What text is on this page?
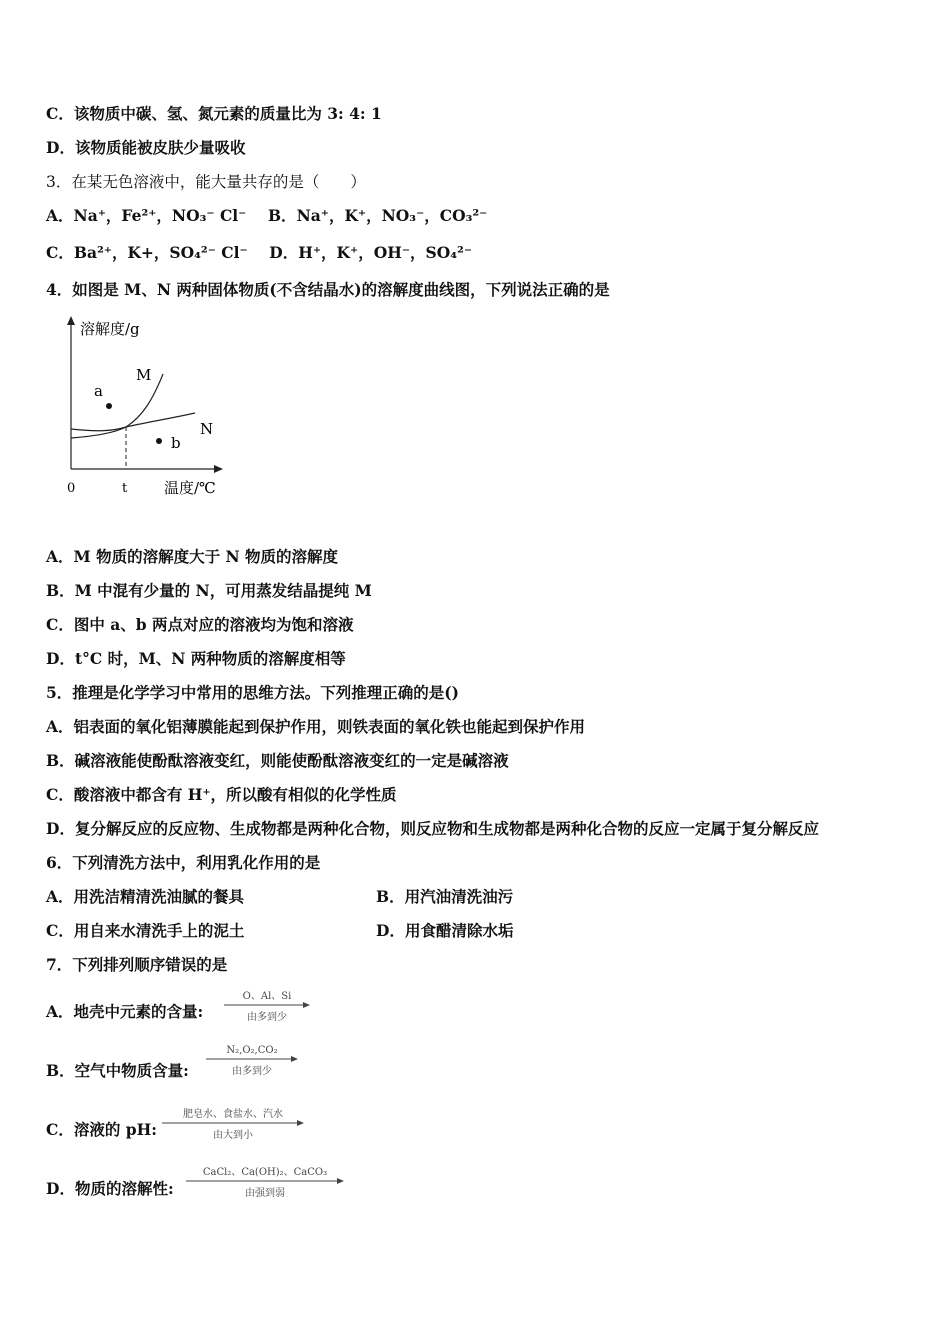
C．该物质中碳、氢、氮元素的质量比为 3: 4: 1
D．该物质能被皮肤少量吸收
3．在某无色溶液中，能大量共存的是（　　）
A．Na⁺，Fe²⁺，NO₃⁻ Cl⁻ B．Na⁺，K⁺，NO₃⁻，CO₃²⁻
C．Ba²⁺，K+，SO₄²⁻ Cl⁻ D．H⁺，K⁺，OH⁻，SO₄²⁻
4．如图是 M、N 两种固体物质(不含结晶水)的溶解度曲线图，下列说法正确的是
溶解度/g
温度/℃
0	t
M
N
a
b
A．M 物质的溶解度大于 N 物质的溶解度
B．M 中混有少量的 N，可用蒸发结晶提纯 M
C．图中 a、b 两点对应的溶液均为饱和溶液
D．t°C 时，M、N 两种物质的溶解度相等
5．推理是化学学习中常用的思维方法。下列推理正确的是()
A．铝表面的氧化铝薄膜能起到保护作用，则铁表面的氧化铁也能起到保护作用
B．碱溶液能使酚酞溶液变红，则能使酚酞溶液变红的一定是碱溶液
C．酸溶液中都含有 H⁺，所以酸有相似的化学性质
D．复分解反应的反应物、生成物都是两种化合物，则反应物和生成物都是两种化合物的反应一定属于复分解反应
6．下列清洗方法中，利用乳化作用的是
A．用洗洁精清洗油腻的餐具	B．用汽油清洗油污
C．用自来水清洗手上的泥土	D．用食醋清除水垢
7．下列排列顺序错误的是
A．地壳中元素的含量:
O、Al、Si
由多到少
B．空气中物质含量:
N₂,O₂,CO₂
由多到少
C．溶液的 pH:
肥皂水、食盐水、汽水
由大到小
D．物质的溶解性:
CaCl₂、Ca(OH)₂、CaCO₃
由强到弱
